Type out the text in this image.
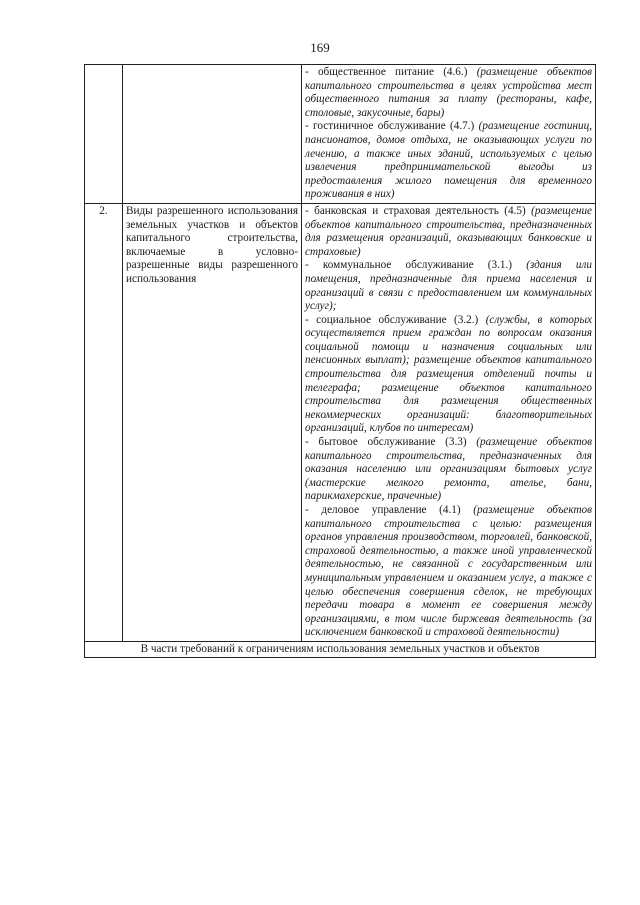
169

		- общественное питание (4.6.) (размещение объектов капитального строительства в целях устройства мест общественного питания за плату (рестораны, кафе, столовые, закусочные, бары)

- гостиничное обслуживание (4.7.) (размещение гостиниц, пансионатов, домов отдыха, не оказывающих услуги по лечению, а также иных зданий, используемых с целью извлечения предпринимательской выгоды из предоставления жилого помещения для временного проживания в них)

2.	Виды разрешенного использования земельных участков и объектов капитального строительства, включаемые в условно-разрешенные виды разрешенного использования	- банковская и страховая деятельность (4.5) (размещение объектов капитального строительства, предназначенных для размещения организаций, оказывающих банковские и страховые)

- коммунальное обслуживание (3.1.) (здания или помещения, предназначенные для приема населения и организаций в связи с предоставлением им коммунальных услуг);

- социальное обслуживание (3.2.) (службы, в которых осуществляется прием граждан по вопросам оказания социальной помощи и назначения социальных или пенсионных выплат); размещение объектов капитального строительства для размещения отделений почты и телеграфа; размещение объектов капитального строительства для размещения общественных некоммерческих организаций: благотворительных организаций, клубов по интересам)

- бытовое обслуживание (3.3) (размещение объектов капитального строительства, предназначенных для оказания населению или организациям бытовых услуг (мастерские мелкого ремонта, ателье, бани, парикмахерские, прачечные)

- деловое управление (4.1) (размещение объектов капитального строительства с целью: размещения органов управления производством, торговлей, банковской, страховой деятельностью, а также иной управленческой деятельностью, не связанной с государственным или муниципальным управлением и оказанием услуг, а также с целью обеспечения совершения сделок, не требующих передачи товара в момент ее совершения между организациями, в том числе биржевая деятельность (за исключением банковской и страховой деятельности)

В части требований к ограничениям использования земельных участков и объектов		
